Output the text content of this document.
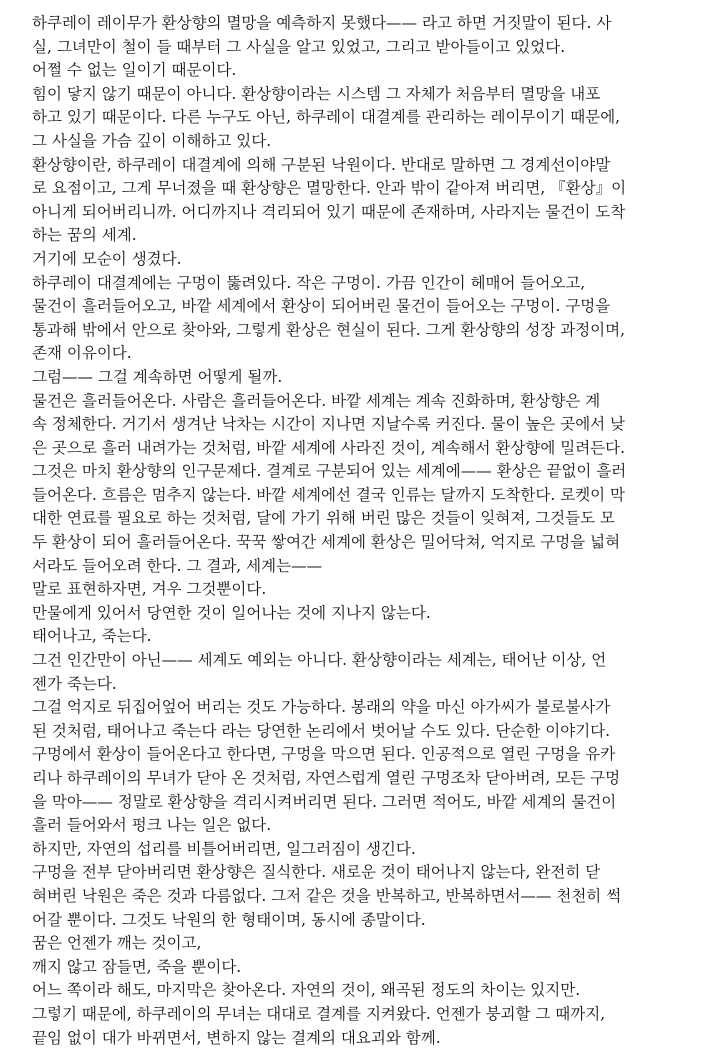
하쿠레이 레이무가 환상향의 멸망을 예측하지 못했다—— 라고 하면 거짓말이 된다. 사
실, 그녀만이 철이 들 때부터 그 사실을 알고 있었고, 그리고 받아들이고 있었다.
어쩔 수 없는 일이기 때문이다.
힘이 닿지 않기 때문이 아니다. 환상향이라는 시스템 그 자체가 처음부터 멸망을 내포
하고 있기 때문이다. 다른 누구도 아닌, 하쿠레이 대결계를 관리하는 레이무이기 때문에,
그 사실을 가슴 깊이 이해하고 있다.
환상향이란, 하쿠레이 대결계에 의해 구분된 낙원이다. 반대로 말하면 그 경계선이야말
로 요점이고, 그게 무너졌을 때 환상향은 멸망한다. 안과 밖이 같아져 버리면, 『환상』이
아니게 되어버리니까. 어디까지나 격리되어 있기 때문에 존재하며, 사라지는 물건이 도착
하는 꿈의 세계.
거기에 모순이 생겼다.
하쿠레이 대결계에는 구멍이 뚫려있다. 작은 구멍이. 가끔 인간이 헤매어 들어오고,
물건이 흘러들어오고, 바깥 세계에서 환상이 되어버린 물건이 들어오는 구멍이. 구멍을
통과해 밖에서 안으로 찾아와, 그렇게 환상은 현실이 된다. 그게 환상향의 성장 과정이며,
존재 이유이다.
그럼—— 그걸 계속하면 어떻게 될까.
물건은 흘러들어온다. 사람은 흘러들어온다. 바깥 세계는 계속 진화하며, 환상향은 계
속 정체한다. 거기서 생겨난 낙차는 시간이 지나면 지날수록 커진다. 물이 높은 곳에서 낮
은 곳으로 흘러 내려가는 것처럼, 바깥 세계에 사라진 것이, 계속해서 환상향에 밀려든다.
그것은 마치 환상향의 인구문제다. 결계로 구분되어 있는 세계에—— 환상은 끝없이 흘러
들어온다. 흐름은 멈추지 않는다. 바깥 세계에선 결국 인류는 달까지 도착한다. 로켓이 막
대한 연료를 필요로 하는 것처럼, 달에 가기 위해 버린 많은 것들이 잊혀져, 그것들도 모
두 환상이 되어 흘러들어온다. 꾹꾹 쌓여간 세계에 환상은 밀어닥쳐, 억지로 구멍을 넓혀
서라도 들어오려 한다. 그 결과, 세계는——
말로 표현하자면, 겨우 그것뿐이다.
만물에게 있어서 당연한 것이 일어나는 것에 지나지 않는다.
태어나고, 죽는다.
그건 인간만이 아닌—— 세계도 예외는 아니다. 환상향이라는 세계는, 태어난 이상, 언
젠가 죽는다.
그걸 억지로 뒤집어엎어 버리는 것도 가능하다. 봉래의 약을 마신 아가씨가 불로불사가
된 것처럼, 태어나고 죽는다 라는 당연한 논리에서 벗어날 수도 있다. 단순한 이야기다.
구멍에서 환상이 들어온다고 한다면, 구멍을 막으면 된다. 인공적으로 열린 구멍을 유카
리나 하쿠레이의 무녀가 닫아 온 것처럼, 자연스럽게 열린 구멍조차 닫아버려, 모든 구멍
을 막아—— 정말로 환상향을 격리시켜버리면 된다. 그러면 적어도, 바깥 세계의 물건이
흘러 들어와서 펑크 나는 일은 없다.
하지만, 자연의 섭리를 비틀어버리면, 일그러짐이 생긴다.
구멍을 전부 닫아버리면 환상향은 질식한다. 새로운 것이 태어나지 않는다, 완전히 닫
혀버린 낙원은 죽은 것과 다름없다. 그저 같은 것을 반복하고, 반복하면서—— 천천히 썩
어갈 뿐이다. 그것도 낙원의 한 형태이며, 동시에 종말이다.
꿈은 언젠가 깨는 것이고,
깨지 않고 잠들면, 죽을 뿐이다.
어느 쪽이라 해도, 마지막은 찾아온다. 자연의 것이, 왜곡된 정도의 차이는 있지만.
그렇기 때문에, 하쿠레이의 무녀는 대대로 결계를 지켜왔다. 언젠가 붕괴할 그 때까지,
끝임 없이 대가 바뀌면서, 변하지 않는 결계의 대요괴와 함께.
